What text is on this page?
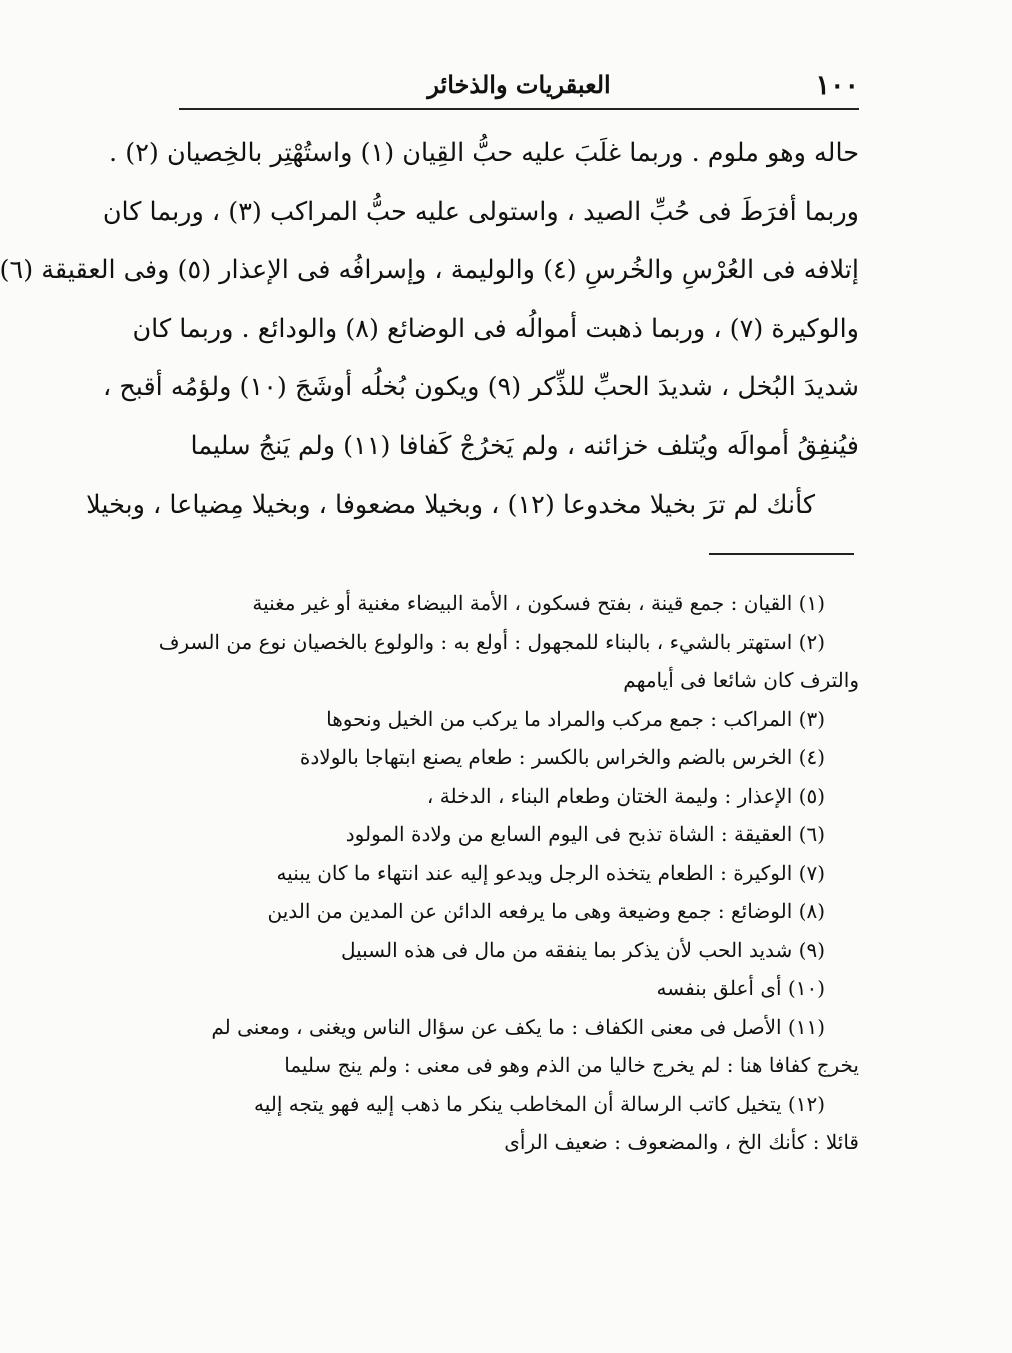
١٠٠
العبقريات والذخائر
حاله وهو ملوم . وربما غلَبَ عليه حبُّ القِيان (١) واستُهْتِر بالخِصيان (٢) .
وربما أفرَطَ فى حُبِّ الصيد ، واستولى عليه حبُّ المراكب (٣) ، وربما كان
إتلافه فى العُرْسِ والخُرسِ (٤) والوليمة ، وإسرافُه فى الإعذار (٥) وفى العقيقة (٦)
والوكيرة (٧) ، وربما ذهبت أموالُه فى الوضائع (٨) والودائع . وربما كان
شديدَ البُخل ، شديدَ الحبِّ للذِّكر (٩) ويكون بُخلُه أوشَجَ (١٠) ولؤمُه أقبح ،
فيُنفِقُ أموالَه ويُتلف خزائنه ، ولم يَخرُجْ كَفافا (١١) ولم يَنجُ سليما
كأنك لم ترَ بخيلا مخدوعا (١٢) ، وبخيلا مضعوفا ، وبخيلا مِضياعا ، وبخيلا
(١) القيان : جمع قينة ، بفتح فسكون ، الأمة البيضاء مغنية أو غير مغنية
(٢) استهتر بالشيء ، بالبناء للمجهول : أولع به : والولوع بالخصيان نوع من السرف
والترف كان شائعا فى أيامهم
(٣) المراكب : جمع مركب والمراد ما يركب من الخيل ونحوها
(٤) الخرس بالضم والخراس بالكسر : طعام يصنع ابتهاجا بالولادة
(٥) الإعذار : وليمة الختان وطعام البناء ، الدخلة ،
(٦) العقيقة : الشاة تذبح فى اليوم السابع من ولادة المولود
(٧) الوكيرة : الطعام يتخذه الرجل ويدعو إليه عند انتهاء ما كان يبنيه
(٨) الوضائع : جمع وضيعة وهى ما يرفعه الدائن عن المدين من الدين
(٩) شديد الحب لأن يذكر بما ينفقه من مال فى هذه السبيل
(١٠) أى أعلق بنفسه
(١١) الأصل فى معنى الكفاف : ما يكف عن سؤال الناس ويغنى ، ومعنى لم
يخرج كفافا هنا : لم يخرج خاليا من الذم وهو فى معنى : ولم ينج سليما
(١٢) يتخيل كاتب الرسالة أن المخاطب ينكر ما ذهب إليه فهو يتجه إليه
قائلا : كأنك الخ ، والمضعوف : ضعيف الرأى
